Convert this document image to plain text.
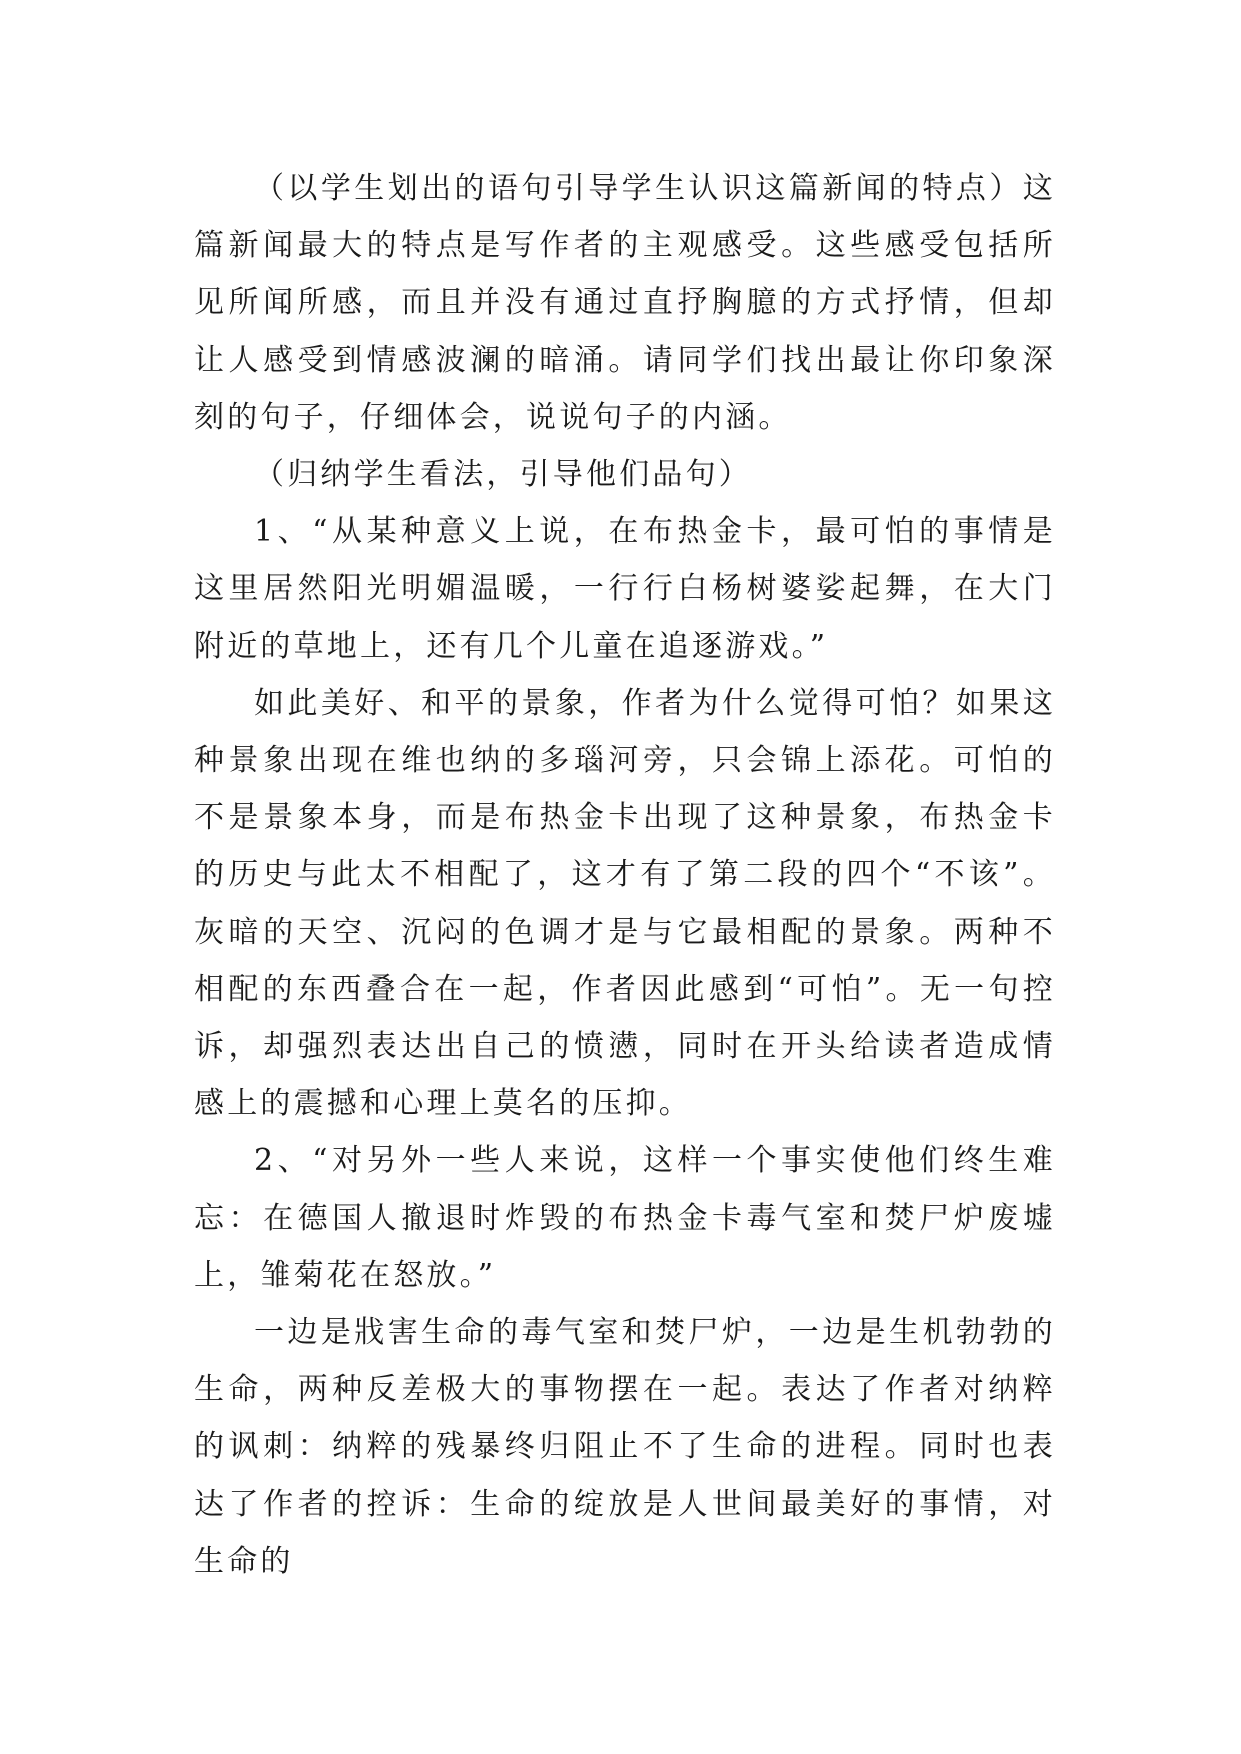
（以学生划出的语句引导学生认识这篇新闻的特点）这篇新闻最大的特点是写作者的主观感受。这些感受包括所见所闻所感，而且并没有通过直抒胸臆的方式抒情，但却让人感受到情感波澜的暗涌。请同学们找出最让你印象深刻的句子，仔细体会，说说句子的内涵。

（归纳学生看法，引导他们品句）

1、“从某种意义上说，在布热金卡，最可怕的事情是这里居然阳光明媚温暖，一行行白杨树婆娑起舞，在大门附近的草地上，还有几个儿童在追逐游戏。”

如此美好、和平的景象，作者为什么觉得可怕？如果这种景象出现在维也纳的多瑙河旁，只会锦上添花。可怕的不是景象本身，而是布热金卡出现了这种景象，布热金卡的历史与此太不相配了，这才有了第二段的四个“不该”。灰暗的天空、沉闷的色调才是与它最相配的景象。两种不相配的东西叠合在一起，作者因此感到“可怕”。无一句控诉，却强烈表达出自己的愤懑，同时在开头给读者造成情感上的震撼和心理上莫名的压抑。

2、“对另外一些人来说，这样一个事实使他们终生难忘：在德国人撤退时炸毁的布热金卡毒气室和焚尸炉废墟上，雏菊花在怒放。”

一边是戕害生命的毒气室和焚尸炉，一边是生机勃勃的生命，两种反差极大的事物摆在一起。表达了作者对纳粹的讽刺：纳粹的残暴终归阻止不了生命的进程。同时也表达了作者的控诉：生命的绽放是人世间最美好的事情，对生命的
